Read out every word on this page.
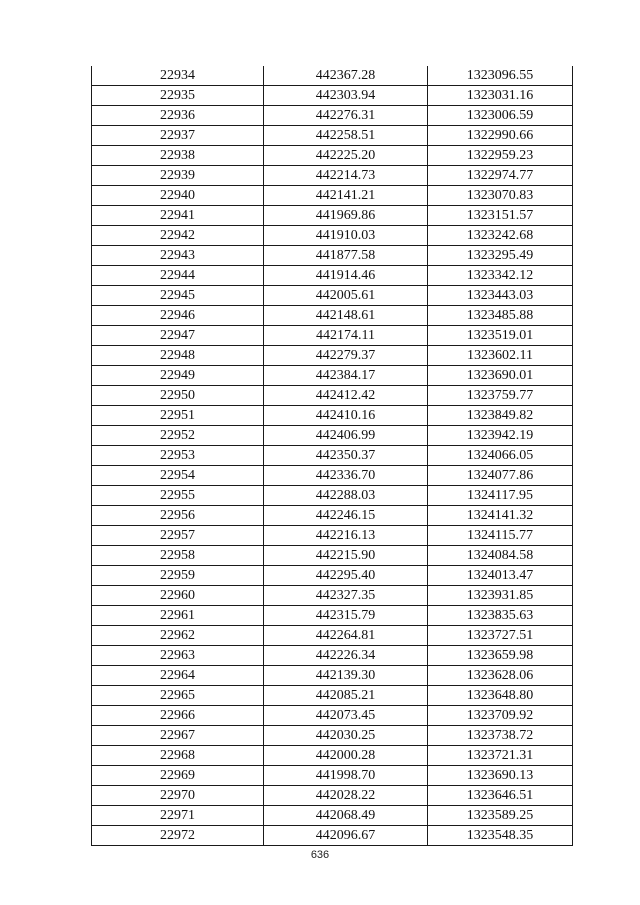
22934	442367.28	1323096.55
22935	442303.94	1323031.16
22936	442276.31	1323006.59
22937	442258.51	1322990.66
22938	442225.20	1322959.23
22939	442214.73	1322974.77
22940	442141.21	1323070.83
22941	441969.86	1323151.57
22942	441910.03	1323242.68
22943	441877.58	1323295.49
22944	441914.46	1323342.12
22945	442005.61	1323443.03
22946	442148.61	1323485.88
22947	442174.11	1323519.01
22948	442279.37	1323602.11
22949	442384.17	1323690.01
22950	442412.42	1323759.77
22951	442410.16	1323849.82
22952	442406.99	1323942.19
22953	442350.37	1324066.05
22954	442336.70	1324077.86
22955	442288.03	1324117.95
22956	442246.15	1324141.32
22957	442216.13	1324115.77
22958	442215.90	1324084.58
22959	442295.40	1324013.47
22960	442327.35	1323931.85
22961	442315.79	1323835.63
22962	442264.81	1323727.51
22963	442226.34	1323659.98
22964	442139.30	1323628.06
22965	442085.21	1323648.80
22966	442073.45	1323709.92
22967	442030.25	1323738.72
22968	442000.28	1323721.31
22969	441998.70	1323690.13
22970	442028.22	1323646.51
22971	442068.49	1323589.25
22972	442096.67	1323548.35
636
